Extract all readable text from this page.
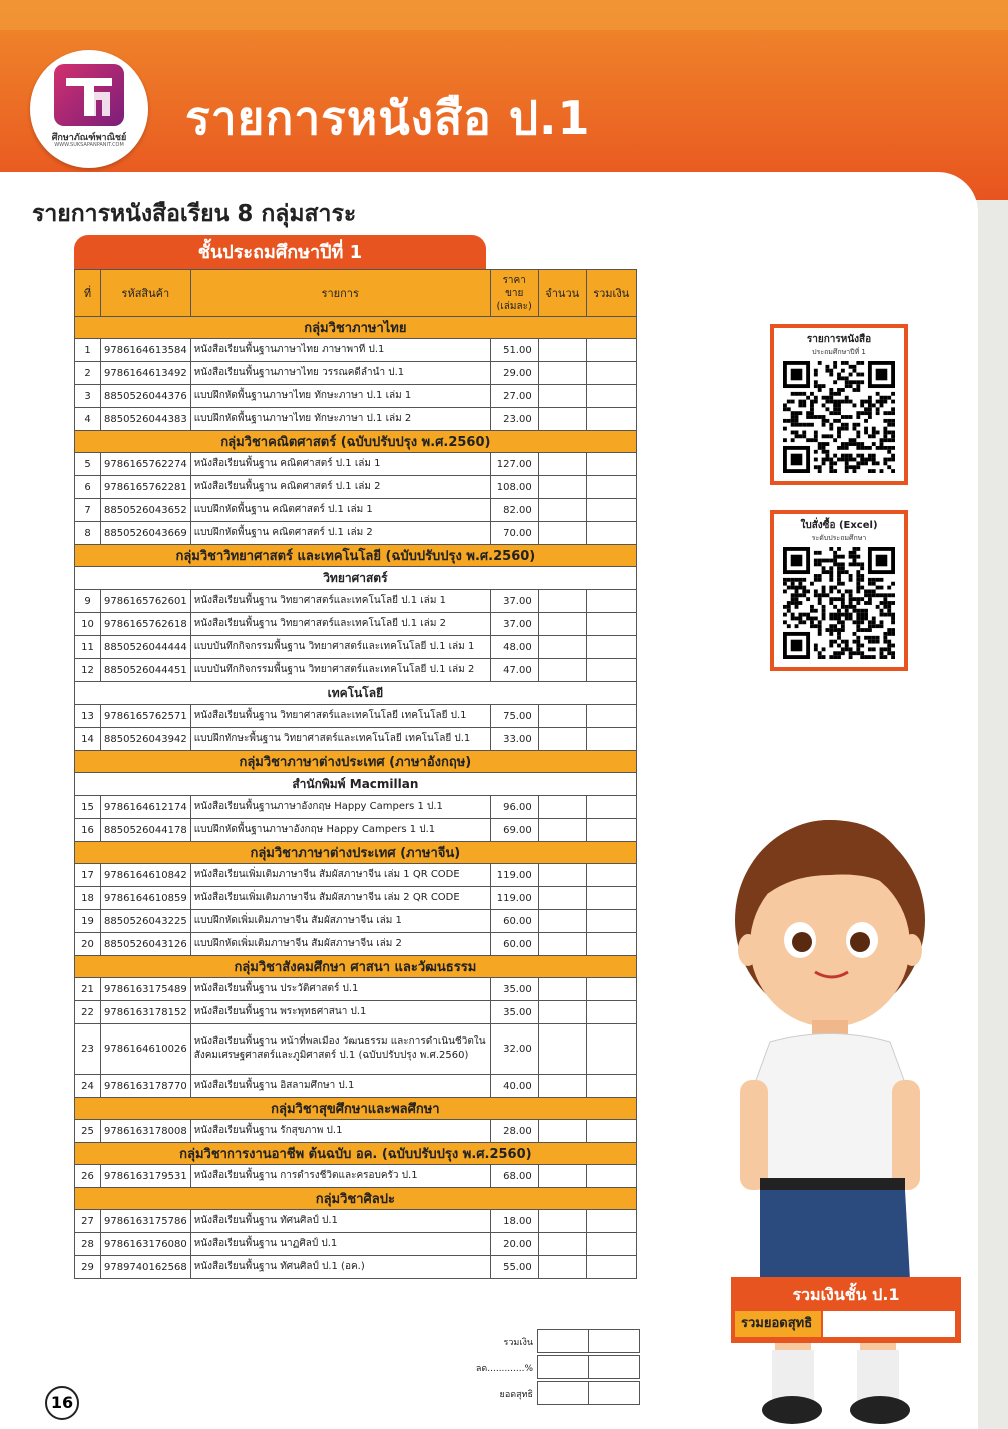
ศึกษาภัณฑ์พาณิชย์
WWW.SUKSAPANPANIT.COM	รายการหนังสือ ป.1
รายการหนังสือเรียน 8 กลุ่มสาระ
ชั้นประถมศึกษาปีที่ 1
ที่	รหัสสินค้า	รายการ	ราคาขาย (เล่มละ)	จำนวน	รวมเงิน
กลุ่มวิชาภาษาไทย					
1	9786164613584	หนังสือเรียนพื้นฐานภาษาไทย ภาษาพาที ป.1	51.00		
2	9786164613492	หนังสือเรียนพื้นฐานภาษาไทย วรรณคดีลำนำ ป.1	29.00		
3	8850526044376	แบบฝึกหัดพื้นฐานภาษาไทย ทักษะภาษา ป.1 เล่ม 1	27.00		
4	8850526044383	แบบฝึกหัดพื้นฐานภาษาไทย ทักษะภาษา ป.1 เล่ม 2	23.00		
กลุ่มวิชาคณิตศาสตร์ (ฉบับปรับปรุง พ.ศ.2560)					
5	9786165762274	หนังสือเรียนพื้นฐาน คณิตศาสตร์ ป.1 เล่ม 1	127.00		
6	9786165762281	หนังสือเรียนพื้นฐาน คณิตศาสตร์ ป.1 เล่ม 2	108.00		
7	8850526043652	แบบฝึกหัดพื้นฐาน คณิตศาสตร์ ป.1 เล่ม 1	82.00		
8	8850526043669	แบบฝึกหัดพื้นฐาน คณิตศาสตร์ ป.1 เล่ม 2	70.00		
กลุ่มวิชาวิทยาศาสตร์ และเทคโนโลยี (ฉบับปรับปรุง พ.ศ.2560)					
วิทยาศาสตร์					
9	9786165762601	หนังสือเรียนพื้นฐาน วิทยาศาสตร์และเทคโนโลยี ป.1 เล่ม 1	37.00		
10	9786165762618	หนังสือเรียนพื้นฐาน วิทยาศาสตร์และเทคโนโลยี ป.1 เล่ม 2	37.00		
11	8850526044444	แบบบันทึกกิจกรรมพื้นฐาน วิทยาศาสตร์และเทคโนโลยี ป.1 เล่ม 1	48.00		
12	8850526044451	แบบบันทึกกิจกรรมพื้นฐาน วิทยาศาสตร์และเทคโนโลยี ป.1 เล่ม 2	47.00		
เทคโนโลยี					
13	9786165762571	หนังสือเรียนพื้นฐาน วิทยาศาสตร์และเทคโนโลยี เทคโนโลยี ป.1	75.00		
14	8850526043942	แบบฝึกทักษะพื้นฐาน วิทยาศาสตร์และเทคโนโลยี เทคโนโลยี ป.1	33.00		
กลุ่มวิชาภาษาต่างประเทศ (ภาษาอังกฤษ)					
สำนักพิมพ์ Macmillan					
15	9786164612174	หนังสือเรียนพื้นฐานภาษาอังกฤษ Happy Campers 1 ป.1	96.00		
16	8850526044178	แบบฝึกหัดพื้นฐานภาษาอังกฤษ Happy Campers 1 ป.1	69.00		
กลุ่มวิชาภาษาต่างประเทศ (ภาษาจีน)					
17	9786164610842	หนังสือเรียนเพิ่มเติมภาษาจีน สัมผัสภาษาจีน เล่ม 1 QR CODE	119.00		
18	9786164610859	หนังสือเรียนเพิ่มเติมภาษาจีน สัมผัสภาษาจีน เล่ม 2 QR CODE	119.00		
19	8850526043225	แบบฝึกหัดเพิ่มเติมภาษาจีน สัมผัสภาษาจีน เล่ม 1	60.00		
20	8850526043126	แบบฝึกหัดเพิ่มเติมภาษาจีน สัมผัสภาษาจีน เล่ม 2	60.00		
กลุ่มวิชาสังคมศึกษา ศาสนา และวัฒนธรรม					
21	9786163175489	หนังสือเรียนพื้นฐาน ประวัติศาสตร์ ป.1	35.00		
22	9786163178152	หนังสือเรียนพื้นฐาน พระพุทธศาสนา ป.1	35.00		
23	9786164610026	หนังสือเรียนพื้นฐาน หน้าที่พลเมือง วัฒนธรรม และการดำเนินชีวิตในสังคมเศรษฐศาสตร์และภูมิศาสตร์ ป.1 (ฉบับปรับปรุง พ.ศ.2560)	32.00		
24	9786163178770	หนังสือเรียนพื้นฐาน อิสลามศึกษา ป.1	40.00		
กลุ่มวิชาสุขศึกษาและพลศึกษา					
25	9786163178008	หนังสือเรียนพื้นฐาน รักสุขภาพ ป.1	28.00		
กลุ่มวิชาการงานอาชีพ ต้นฉบับ อค. (ฉบับปรับปรุง พ.ศ.2560)					
26	9786163179531	หนังสือเรียนพื้นฐาน การดำรงชีวิตและครอบครัว ป.1	68.00		
กลุ่มวิชาศิลปะ					
27	9786163175786	หนังสือเรียนพื้นฐาน ทัศนศิลป์ ป.1	18.00		
28	9786163176080	หนังสือเรียนพื้นฐาน นาฏศิลป์ ป.1	20.00		
29	9789740162568	หนังสือเรียนพื้นฐาน ทัศนศิลป์ ป.1 (อค.)	55.00		
รวมเงิน
ลด.............%
ยอดสุทธิ
รายการหนังสือ
ประถมศึกษาปีที่ 1
ใบสั่งซื้อ (Excel)
ระดับประถมศึกษา
รวมเงินชั้น ป.1
รวมยอดสุทธิ
16
